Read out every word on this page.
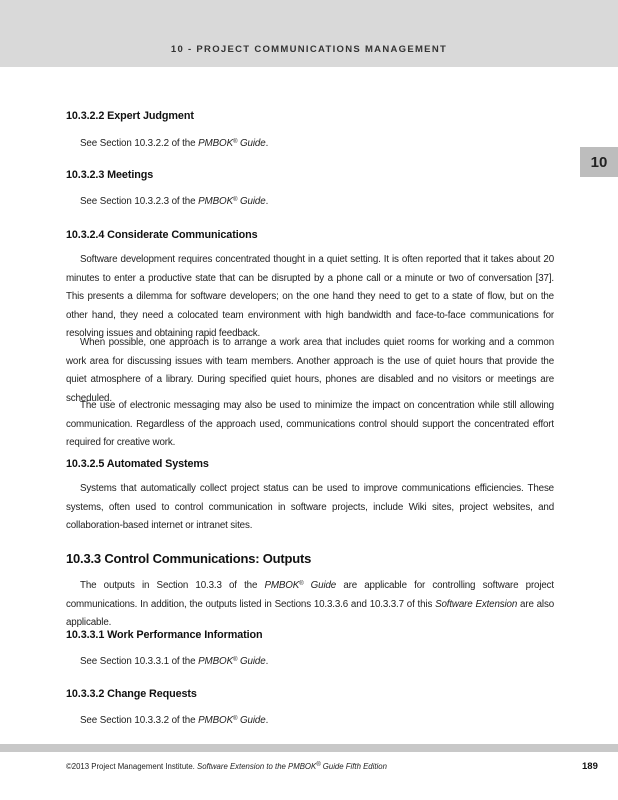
10 - PROJECT COMMUNICATIONS MANAGEMENT
10
10.3.2.2 Expert Judgment
See Section 10.3.2.2 of the PMBOK® Guide.
10.3.2.3 Meetings
See Section 10.3.2.3 of the PMBOK® Guide.
10.3.2.4 Considerate Communications
Software development requires concentrated thought in a quiet setting. It is often reported that it takes about 20 minutes to enter a productive state that can be disrupted by a phone call or a minute or two of conversation [37]. This presents a dilemma for software developers; on the one hand they need to get to a state of flow, but on the other hand, they need a colocated team environment with high bandwidth and face-to-face communications for resolving issues and obtaining rapid feedback.
When possible, one approach is to arrange a work area that includes quiet rooms for working and a common work area for discussing issues with team members. Another approach is the use of quiet hours that provide the quiet atmosphere of a library. During specified quiet hours, phones are disabled and no visitors or meetings are scheduled.
The use of electronic messaging may also be used to minimize the impact on concentration while still allowing communication. Regardless of the approach used, communications control should support the concentrated effort required for creative work.
10.3.2.5 Automated Systems
Systems that automatically collect project status can be used to improve communications efficiencies. These systems, often used to control communication in software projects, include Wiki sites, project websites, and collaboration-based internet or intranet sites.
10.3.3 Control Communications: Outputs
The outputs in Section 10.3.3 of the PMBOK® Guide are applicable for controlling software project communications. In addition, the outputs listed in Sections 10.3.3.6 and 10.3.3.7 of this Software Extension are also applicable.
10.3.3.1 Work Performance Information
See Section 10.3.3.1 of the PMBOK® Guide.
10.3.3.2 Change Requests
See Section 10.3.3.2 of the PMBOK® Guide.
©2013 Project Management Institute. Software Extension to the PMBOK® Guide Fifth Edition	189
